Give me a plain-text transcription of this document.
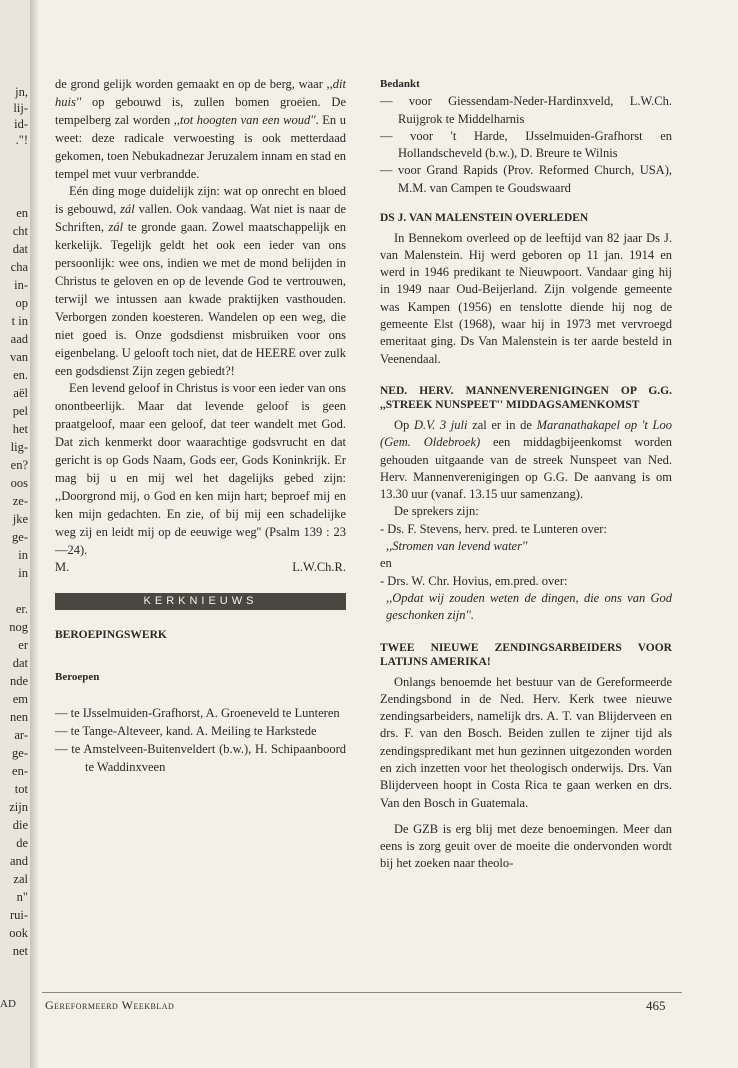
jn,
lij-
id-
."!
en
cht
dat
cha
in-
op
t in
aad
van
en.
aël
pel
het
lig-
en?
oos
ze-
jke
ge-
in
in
er.
nog
er
dat
nde
em
nen
ar-
ge-
en-
tot
zijn
die
de
and
zal
n"
rui-
ook
net

de grond gelijk worden gemaakt en op de berg, waar ,,dit huis'' op gebouwd is, zullen bomen groeien. De tempelberg zal worden ,,tot hoogten van een woud''. En u weet: deze radicale verwoesting is ook metterdaad gekomen, toen Nebukadnezar Jeruzalem innam en stad en tempel met vuur verbrandde.

Eén ding moge duidelijk zijn: wat op onrecht en bloed is gebouwd, zál vallen. Ook vandaag. Wat niet is naar de Schriften, zál te gronde gaan. Zowel maatschappelijk en kerkelijk. Tegelijk geldt het ook een ieder van ons persoonlijk: wee ons, indien we met de mond belijden in Christus te geloven en op de levende God te vertrouwen, terwijl we intussen aan kwade praktijken vasthouden. Verborgen zonden koesteren. Wandelen op een weg, die niet goed is. Onze godsdienst misbruiken voor ons eigenbelang. U gelooft toch niet, dat de HEERE over zulk een godsdienst Zijn zegen gebiedt?!

Een levend geloof in Christus is voor een ieder van ons onontbeerlijk. Maar dat levende geloof is geen praatgeloof, maar een geloof, dat teer wandelt met God. Dat zich kenmerkt door waarachtige godsvrucht en dat gericht is op Gods Naam, Gods eer, Gods Koninkrijk. Er mag bij u en mij wel het dagelijks gebed zijn: ,,Doorgrond mij, o God en ken mijn hart; beproef mij en ken mijn gedachten. En zie, of bij mij een schadelijke weg zij en leidt mij op de eeuwige weg'' (Psalm 139 : 23—24).

M.	L.W.Ch.R.
KERKNIEUWS

BEROEPINGSWERK

Beroepen

— te IJsselmuiden-Grafhorst, A. Groeneveld te Lunteren

— te Tange-Alteveer, kand. A. Meiling te Harkstede

— te Amstelveen-Buitenveldert (b.w.), H. Schipaanboord te Waddinxveen

Bedankt

— voor Giessendam-Neder-Hardinxveld, L.W.Ch. Ruijgrok te Middelharnis

— voor 't Harde, IJsselmuiden-Grafhorst en Hollandscheveld (b.w.), D. Breure te Wilnis

— voor Grand Rapids (Prov. Reformed Church, USA), M.M. van Campen te Goudswaard

DS J. VAN MALENSTEIN OVERLEDEN

In Bennekom overleed op de leeftijd van 82 jaar Ds J. van Malenstein. Hij werd geboren op 11 jan. 1914 en werd in 1946 predikant te Nieuwpoort. Vandaar ging hij in 1949 naar Oud-Beijerland. Zijn volgende gemeente was Kampen (1956) en tenslotte diende hij nog de gemeente Elst (1968), waar hij in 1973 met vervroegd emeritaat ging. Ds Van Malenstein is ter aarde besteld in Veenendaal.

NED. HERV. MANNENVERENIGINGEN OP G.G. ,,STREEK NUNSPEET'' MIDDAGSAMENKOMST

Op D.V. 3 juli zal er in de Maranathakapel op 't Loo (Gem. Oldebroek) een middagbijeenkomst worden gehouden uitgaande van de streek Nunspeet van Ned. Herv. Mannenverenigingen op G.G. De aanvang is om 13.30 uur (vanaf. 13.15 uur samenzang).

De sprekers zijn:

- Ds. F. Stevens, herv. pred. te Lunteren over:

,,Stromen van levend water''

en

- Drs. W. Chr. Hovius, em.pred. over:

,,Opdat wij zouden weten de dingen, die ons van God geschonken zijn''.

TWEE NIEUWE ZENDINGSARBEIDERS VOOR LATIJNS AMERIKA!

Onlangs benoemde het bestuur van de Gereformeerde Zendingsbond in de Ned. Herv. Kerk twee nieuwe zendingsarbeiders, namelijk drs. A. T. van Blijderveen en drs. F. van den Bosch. Beiden zullen te zijner tijd als zendingspredikant met hun gezinnen uitgezonden worden en zich inzetten voor het theologisch onderwijs. Drs. Van Blijderveen hoopt in Costa Rica te gaan werken en drs. Van den Bosch in Guatemala.

De GZB is erg blij met deze benoemingen. Meer dan eens is zorg geuit over de moeite die ondervonden wordt bij het zoeken naar theolo-

AD Gereformeerd Weekblad	465
